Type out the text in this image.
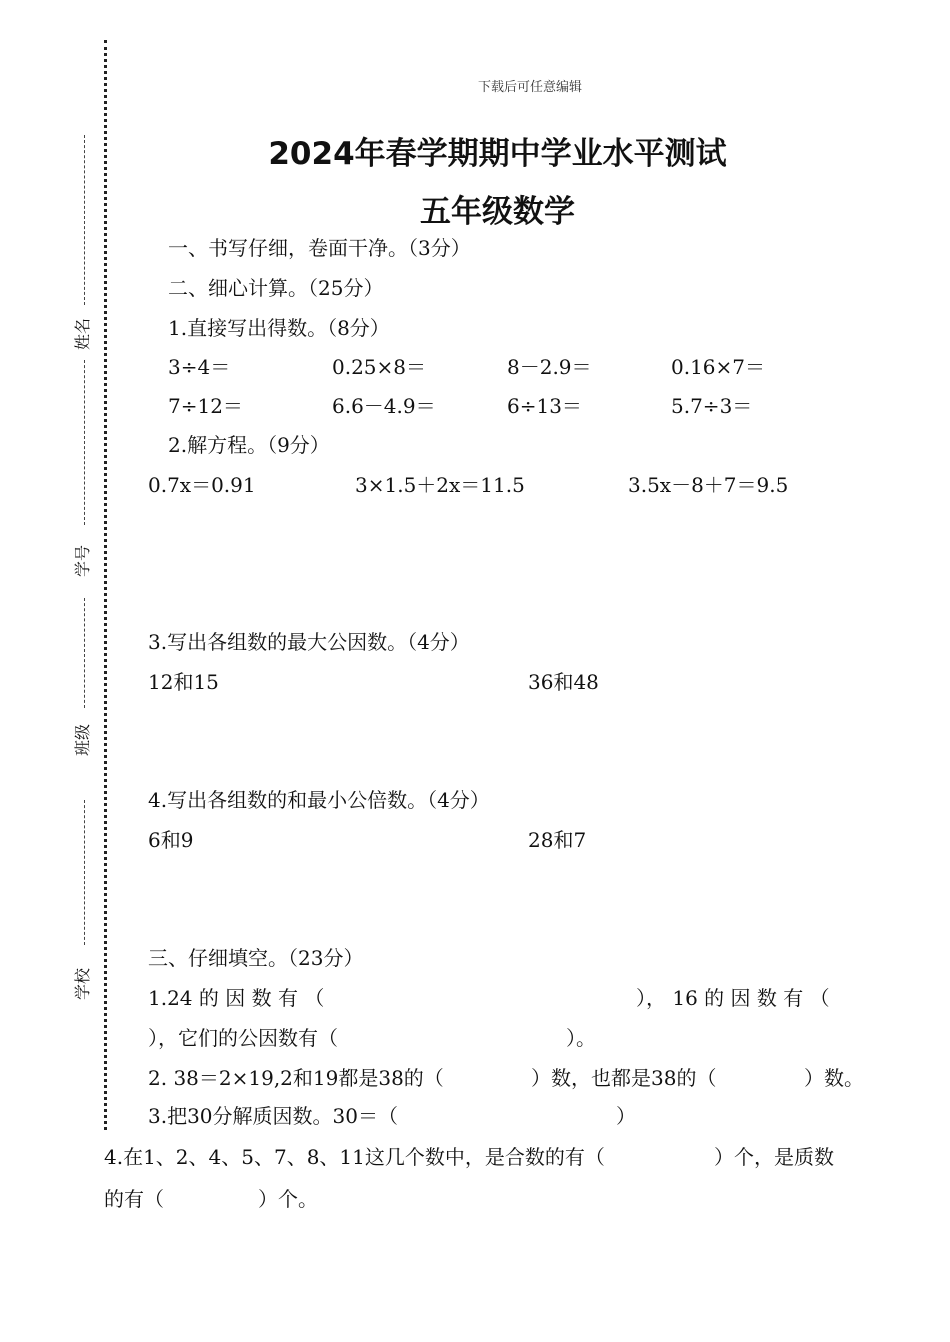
姓名
学号
班级
学校
下载后可任意编辑
2024年春学期期中学业水平测试
五年级数学
一、书写仔细，卷面干净。（3分）
二、细心计算。（25分）
1.直接写出得数。（8分）
3÷4＝	0.25×8＝	8－2.9＝	0.16×7＝
7÷12＝	6.6－4.9＝	6÷13＝	5.7÷3＝
2.解方程。（9分）
0.7x＝0.91	3×1.5＋2x＝11.5	3.5x－8＋7＝9.5
3.写出各组数的最大公因数。（4分）
12和15	36和48
4.写出各组数的和最小公倍数。（4分）
6和9	28和7
三、仔细填空。（23分）
1.24 的 因 数 有 （	）， 16 的 因 数 有 （
），它们的公因数有（	）。
2. 38＝2×19,2和19都是38的（	）数，也都是38的（	）数。
3.把30分解质因数。30＝（	）
4.在1、2、4、5、7、8、11这几个数中，是合数的有（	）个，是质数
的有（	）个。
